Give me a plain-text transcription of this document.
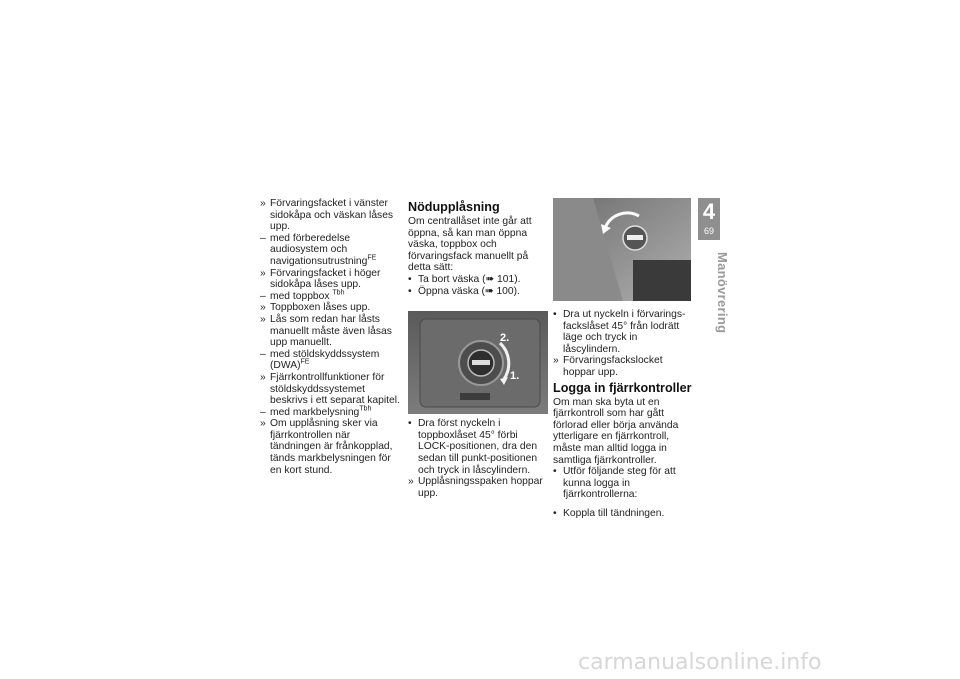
» Förvaringsfacket i vänster sidokåpa och väskan låses upp.

– med förberedelse audiosystem och navigationsutrustning$^{FE}$

» Förvaringsfacket i höger sidokåpa låses upp.

– med toppbox $^{Tbh}$

» Toppboxen låses upp.

» Lås som redan har låsts manuellt måste även låsas upp manuellt.

– med stöldskyddssystem (DWA)$^{FE}$

» Fjärrkontrollfunktioner för stöldskyddssystemet beskrivs i ett separat kapitel.

– med markbelysning$^{Tbh}$

» Om upplåsning sker via fjärrkontrollen när tändningen är frånkopplad, tänds markbelysningen för en kort stund.

Nödupplåsning

Om centrallåset inte går att öppna, så kan man öppna väska, toppbox och förvaringsfack manuellt på detta sätt:

• Ta bort väska (➠ 101).

• Öppna väska (➠ 100).

2.
1.

• Dra först nyckeln i toppboxlåset 45° förbi LOCK-positionen, dra den sedan till punkt-positionen och tryck in låscylindern.

» Upplåsningsspaken hoppar upp.

• Dra ut nyckeln i förvaringsfackslåset 45° från lodrätt läge och tryck in låscylindern.

» Förvaringsfackslocket hoppar upp.

Logga in fjärrkontroller

Om man ska byta ut en fjärrkontroll som har gått förlorad eller börja använda ytterligare en fjärrkontroll, måste man alltid logga in samtliga fjärrkontroller.

• Utför följande steg för att kunna logga in fjärrkontrollerna:

• Koppla till tändningen.

4
69
Manövrering
carmanualsonline.info
